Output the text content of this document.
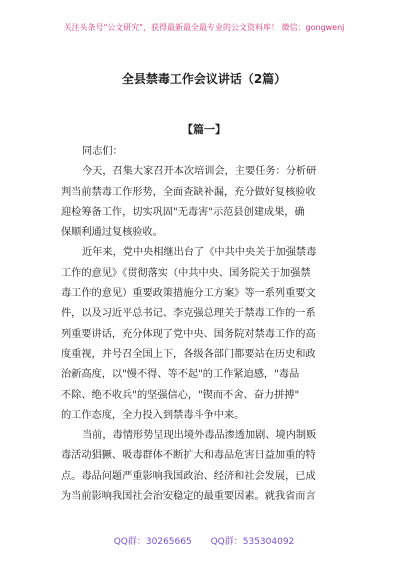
关注头条号"公文研究"，获得最新最全最专业的公文资料库！ 微信：gongwenj
全县禁毒工作会议讲话（2篇）
【篇一】
同志们：
今天，召集大家召开本次培训会，主要任务：分析研
判当前禁毒工作形势，全面查缺补漏，充分做好复核验收
迎检筹备工作，切实巩固"无毒害"示范县创建成果，确
保顺利通过复核验收。
近年来，党中央相继出台了《中共中央关于加强禁毒
工作的意见》《贯彻落实（中共中央、国务院关于加强禁
毒工作的意见）重要政策措施分工方案》等一系列重要文
件，以及习近平总书记、李克强总理关于禁毒工作的一系
列重要讲话，充分体现了党中央、国务院对禁毒工作的高
度重视，并号召全国上下，各级各部门都要站在历史和政
治新高度，以"慢不得、等不起"的工作紧迫感，"毒品
不除、绝不收兵"的坚强信心，"锲而不舍、奋力拼搏"
的工作态度，全力投入到禁毒斗争中来。
当前，毒情形势呈现出境外毒品渗透加剧、境内制贩
毒活动猖獗、吸毒群体不断扩大和毒品危害日益加重的特
点。毒品问题严重影响我国政治、经济和社会发展，已成
为当前影响我国社会治安稳定的最重要因素。就我省而言
QQ群：30265665 QQ群：535304092
